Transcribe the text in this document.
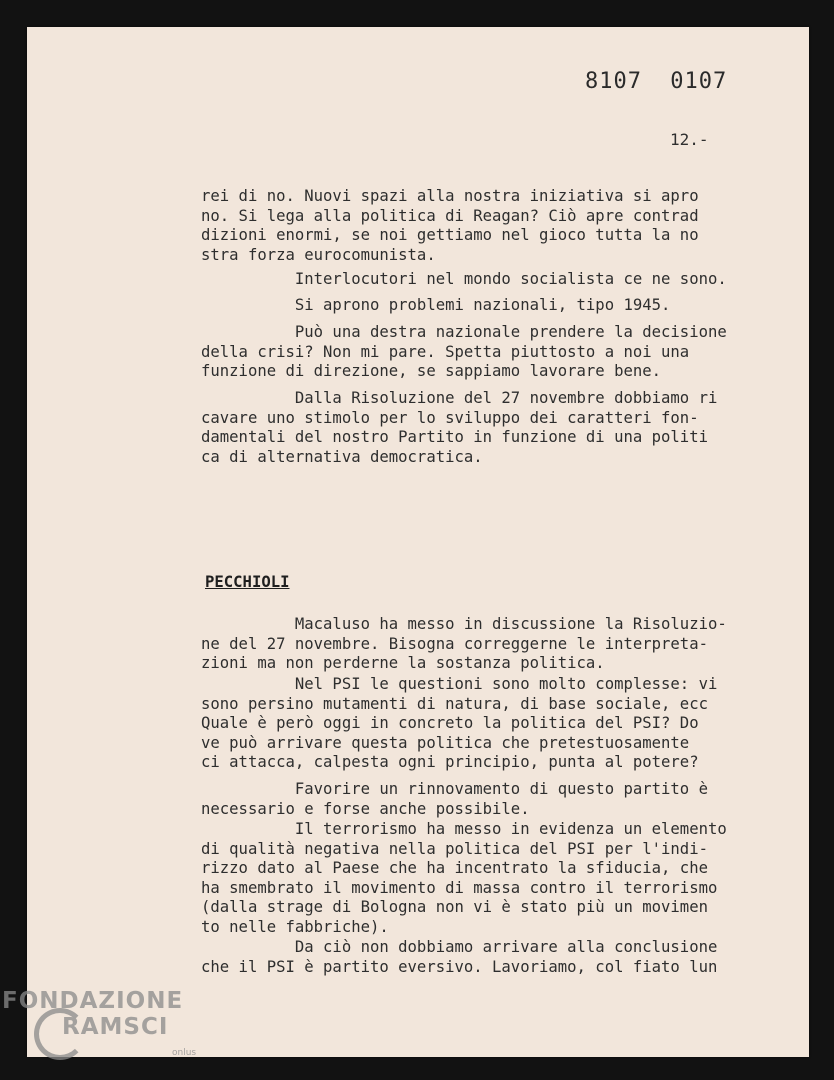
8107 0107
12.-
rei di no. Nuovi spazi alla nostra iniziativa si apro
no. Si lega alla politica di Reagan? Ciò apre contrad
dizioni enormi, se noi gettiamo nel gioco tutta la no
stra forza eurocomunista.
Interlocutori nel mondo socialista ce ne sono.
Si aprono problemi nazionali, tipo 1945.
Può una destra nazionale prendere la decisione
della crisi? Non mi pare. Spetta piuttosto a noi una
funzione di direzione, se sappiamo lavorare bene.
Dalla Risoluzione del 27 novembre dobbiamo ri
cavare uno stimolo per lo sviluppo dei caratteri fon-
damentali del nostro Partito in funzione di una politi
ca di alternativa democratica.
PECCHIOLI
Macaluso ha messo in discussione la Risoluzio-
ne del 27 novembre. Bisogna correggerne le interpreta-
zioni ma non perderne la sostanza politica.
Nel PSI le questioni sono molto complesse: vi
sono persino mutamenti di natura, di base sociale, ecc
Quale è però oggi in concreto la politica del PSI? Do
ve può arrivare questa politica che pretestuosamente
ci attacca, calpesta ogni principio, punta al potere?
Favorire un rinnovamento di questo partito è
necessario e forse anche possibile.
Il terrorismo ha messo in evidenza un elemento
di qualità negativa nella politica del PSI per l'indi-
rizzo dato al Paese che ha incentrato la sfiducia, che
ha smembrato il movimento di massa contro il terrorismo
(dalla strage di Bologna non vi è stato più un movimen
to nelle fabbriche).
Da ciò non dobbiamo arrivare alla conclusione
che il PSI è partito eversivo. Lavoriamo, col fiato lun
FONDAZIONE
RAMSCI
onlus
